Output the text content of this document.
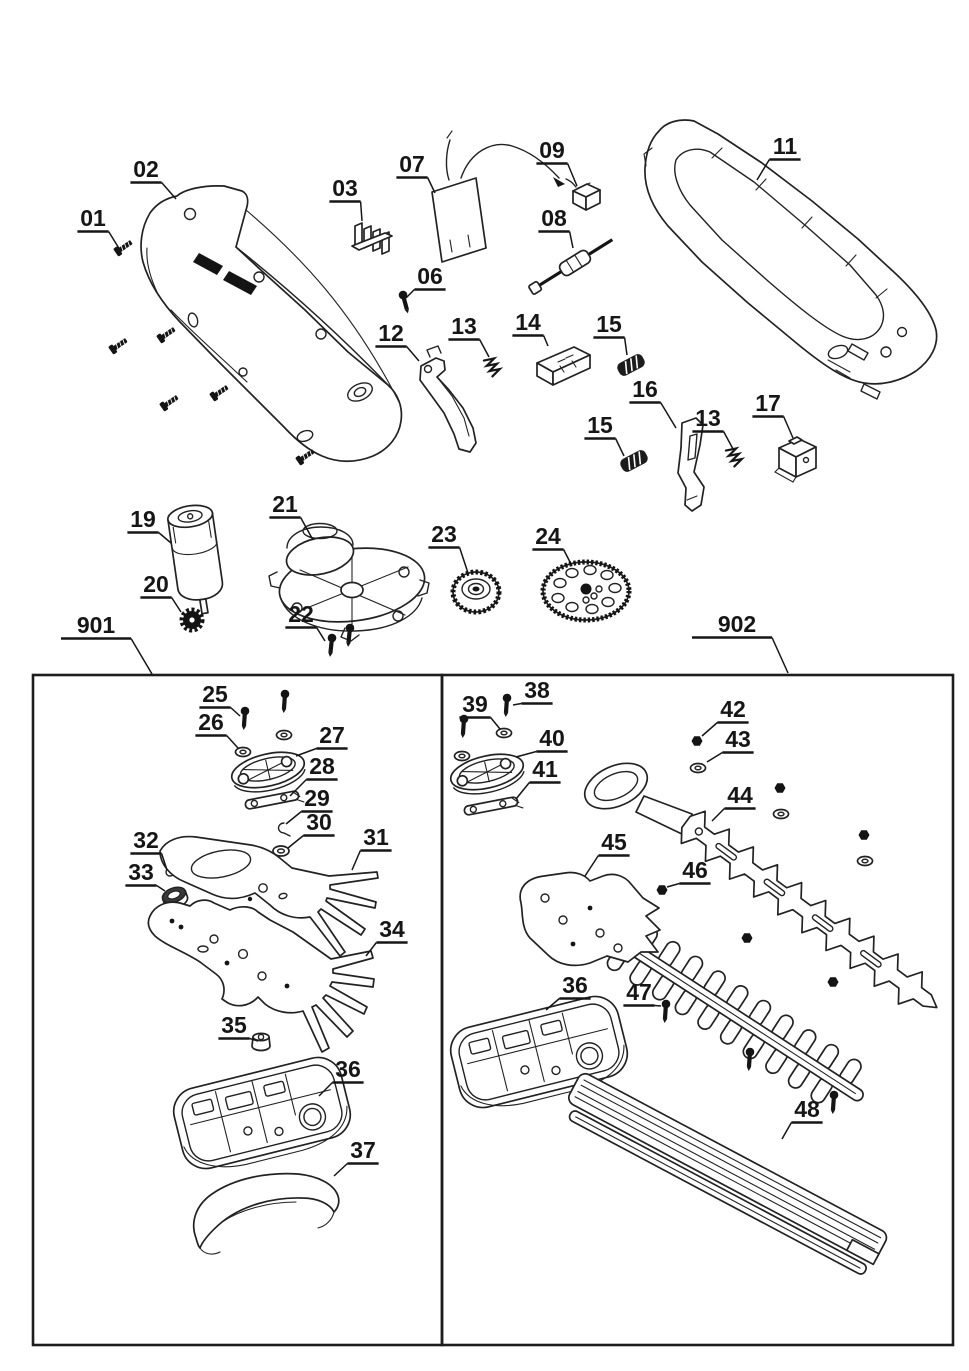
01
02
03
07
09
08
06
11
12 13 14 15
16
13
17
15
19
20
21
22
23	24
901	902
25
26	27
28
29
30
31
32
33
34
35
36
37
38
39
40
41
42
43
44
45
46
36 47
48
